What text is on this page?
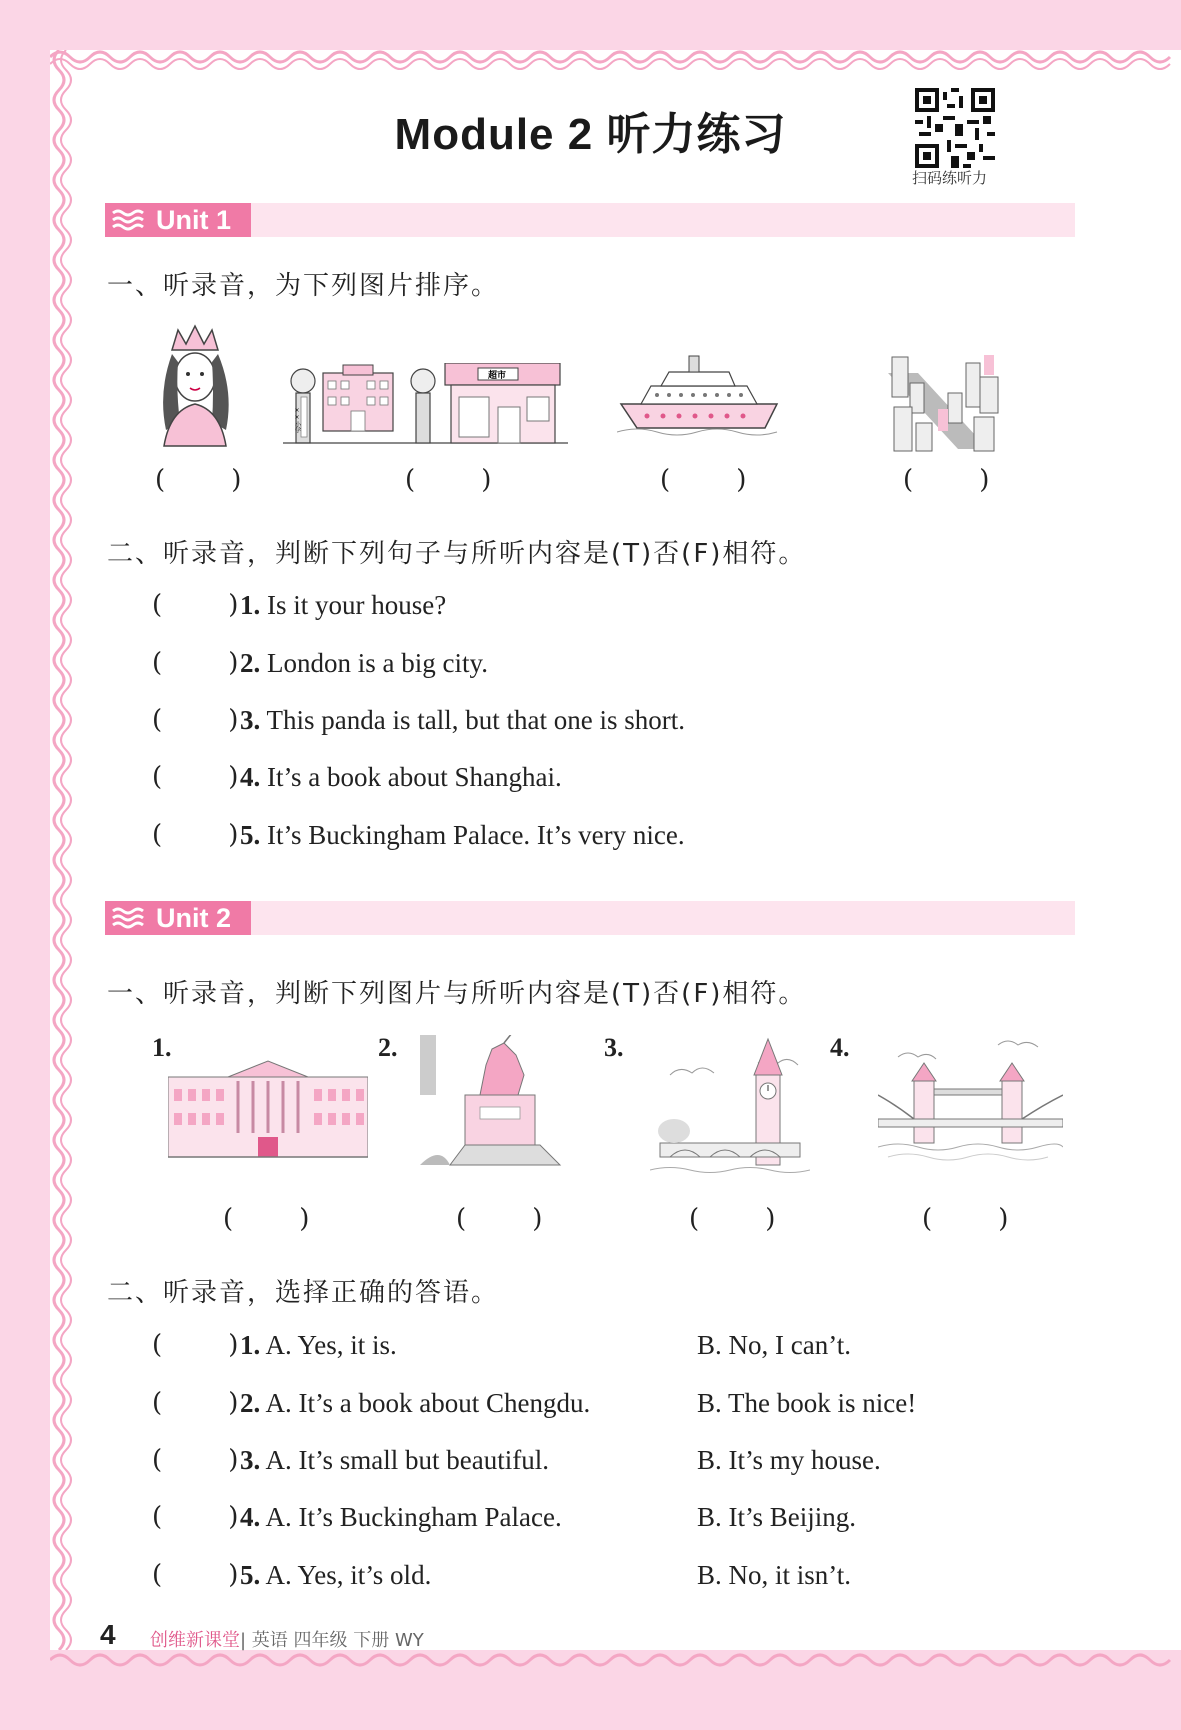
Module 2 听力练习
扫码练听力
Unit 1
一、听录音，为下列图片排序。
××小学
超市
(        )	(        )	(        )	(        )
二、听录音，判断下列句子与所听内容是(T)否(F)相符。
(        ) 1. Is it your house?
(        ) 2. London is a big city.
(        ) 3. This panda is tall, but that one is short.
(        ) 4. It’s a book about Shanghai.
(        ) 5. It’s Buckingham Palace. It’s very nice.
Unit 2
一、听录音，判断下列图片与所听内容是(T)否(F)相符。
1.	2.	3.	4.
(        )	(        )	(        )	(        )
二、听录音，选择正确的答语。
(        ) 1. A. Yes, it is.	B. No, I can’t.
(        ) 2. A. It’s a book about Chengdu.	B. The book is nice!
(        ) 3. A. It’s small but beautiful.	B. It’s my house.
(        ) 4. A. It’s Buckingham Palace.	B. It’s Beijing.
(        ) 5. A. Yes, it’s old.	B. No, it isn’t.
4 创维新课堂| 英语 四年级 下册 WY
